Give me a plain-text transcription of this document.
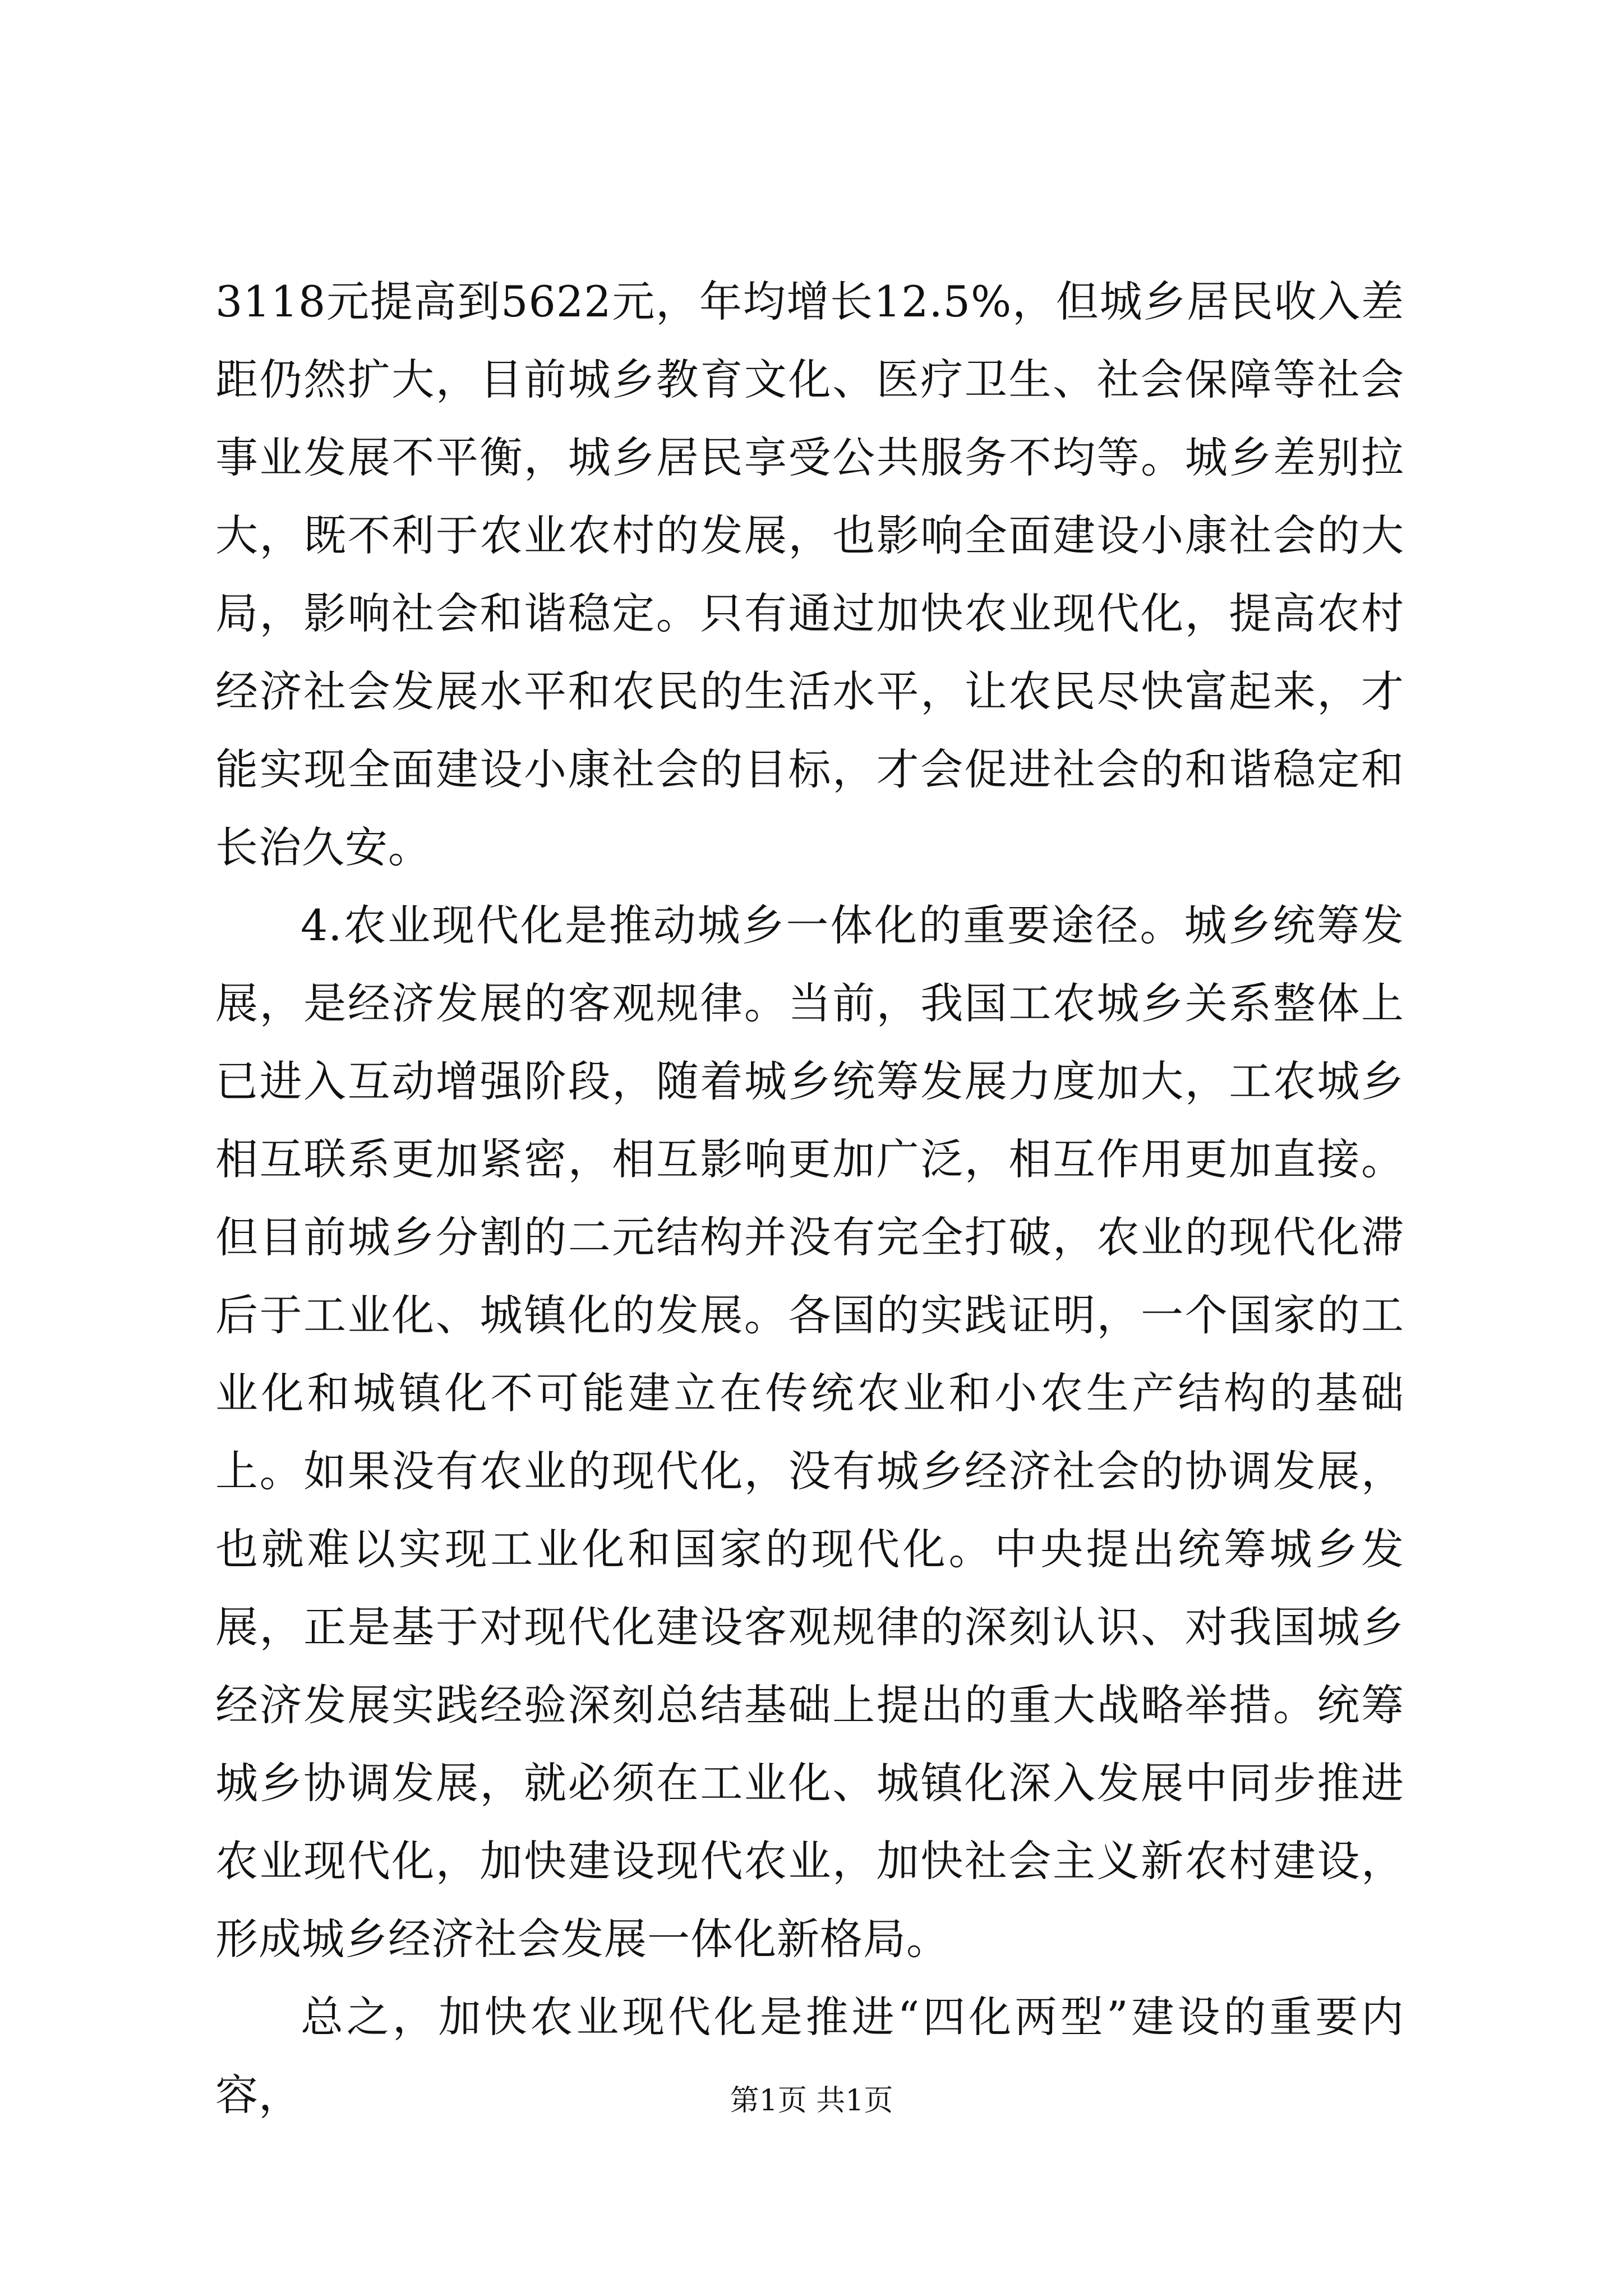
3118元提高到5622元，年均增长12.5%，但城乡居民收入差距仍然扩大，目前城乡教育文化、医疗卫生、社会保障等社会事业发展不平衡，城乡居民享受公共服务不均等。城乡差别拉大，既不利于农业农村的发展，也影响全面建设小康社会的大局，影响社会和谐稳定。只有通过加快农业现代化，提高农村经济社会发展水平和农民的生活水平，让农民尽快富起来，才能实现全面建设小康社会的目标，才会促进社会的和谐稳定和长治久安。

4.农业现代化是推动城乡一体化的重要途径。城乡统筹发展，是经济发展的客观规律。当前，我国工农城乡关系整体上已进入互动增强阶段，随着城乡统筹发展力度加大，工农城乡相互联系更加紧密，相互影响更加广泛，相互作用更加直接。但目前城乡分割的二元结构并没有完全打破，农业的现代化滞后于工业化、城镇化的发展。各国的实践证明，一个国家的工业化和城镇化不可能建立在传统农业和小农生产结构的基础上。如果没有农业的现代化，没有城乡经济社会的协调发展，也就难以实现工业化和国家的现代化。中央提出统筹城乡发展，正是基于对现代化建设客观规律的深刻认识、对我国城乡经济发展实践经验深刻总结基础上提出的重大战略举措。统筹城乡协调发展，就必须在工业化、城镇化深入发展中同步推进农业现代化，加快建设现代农业，加快社会主义新农村建设，形成城乡经济社会发展一体化新格局。

总之，加快农业现代化是推进“四化两型”建设的重要内容，	第1页 共1页
